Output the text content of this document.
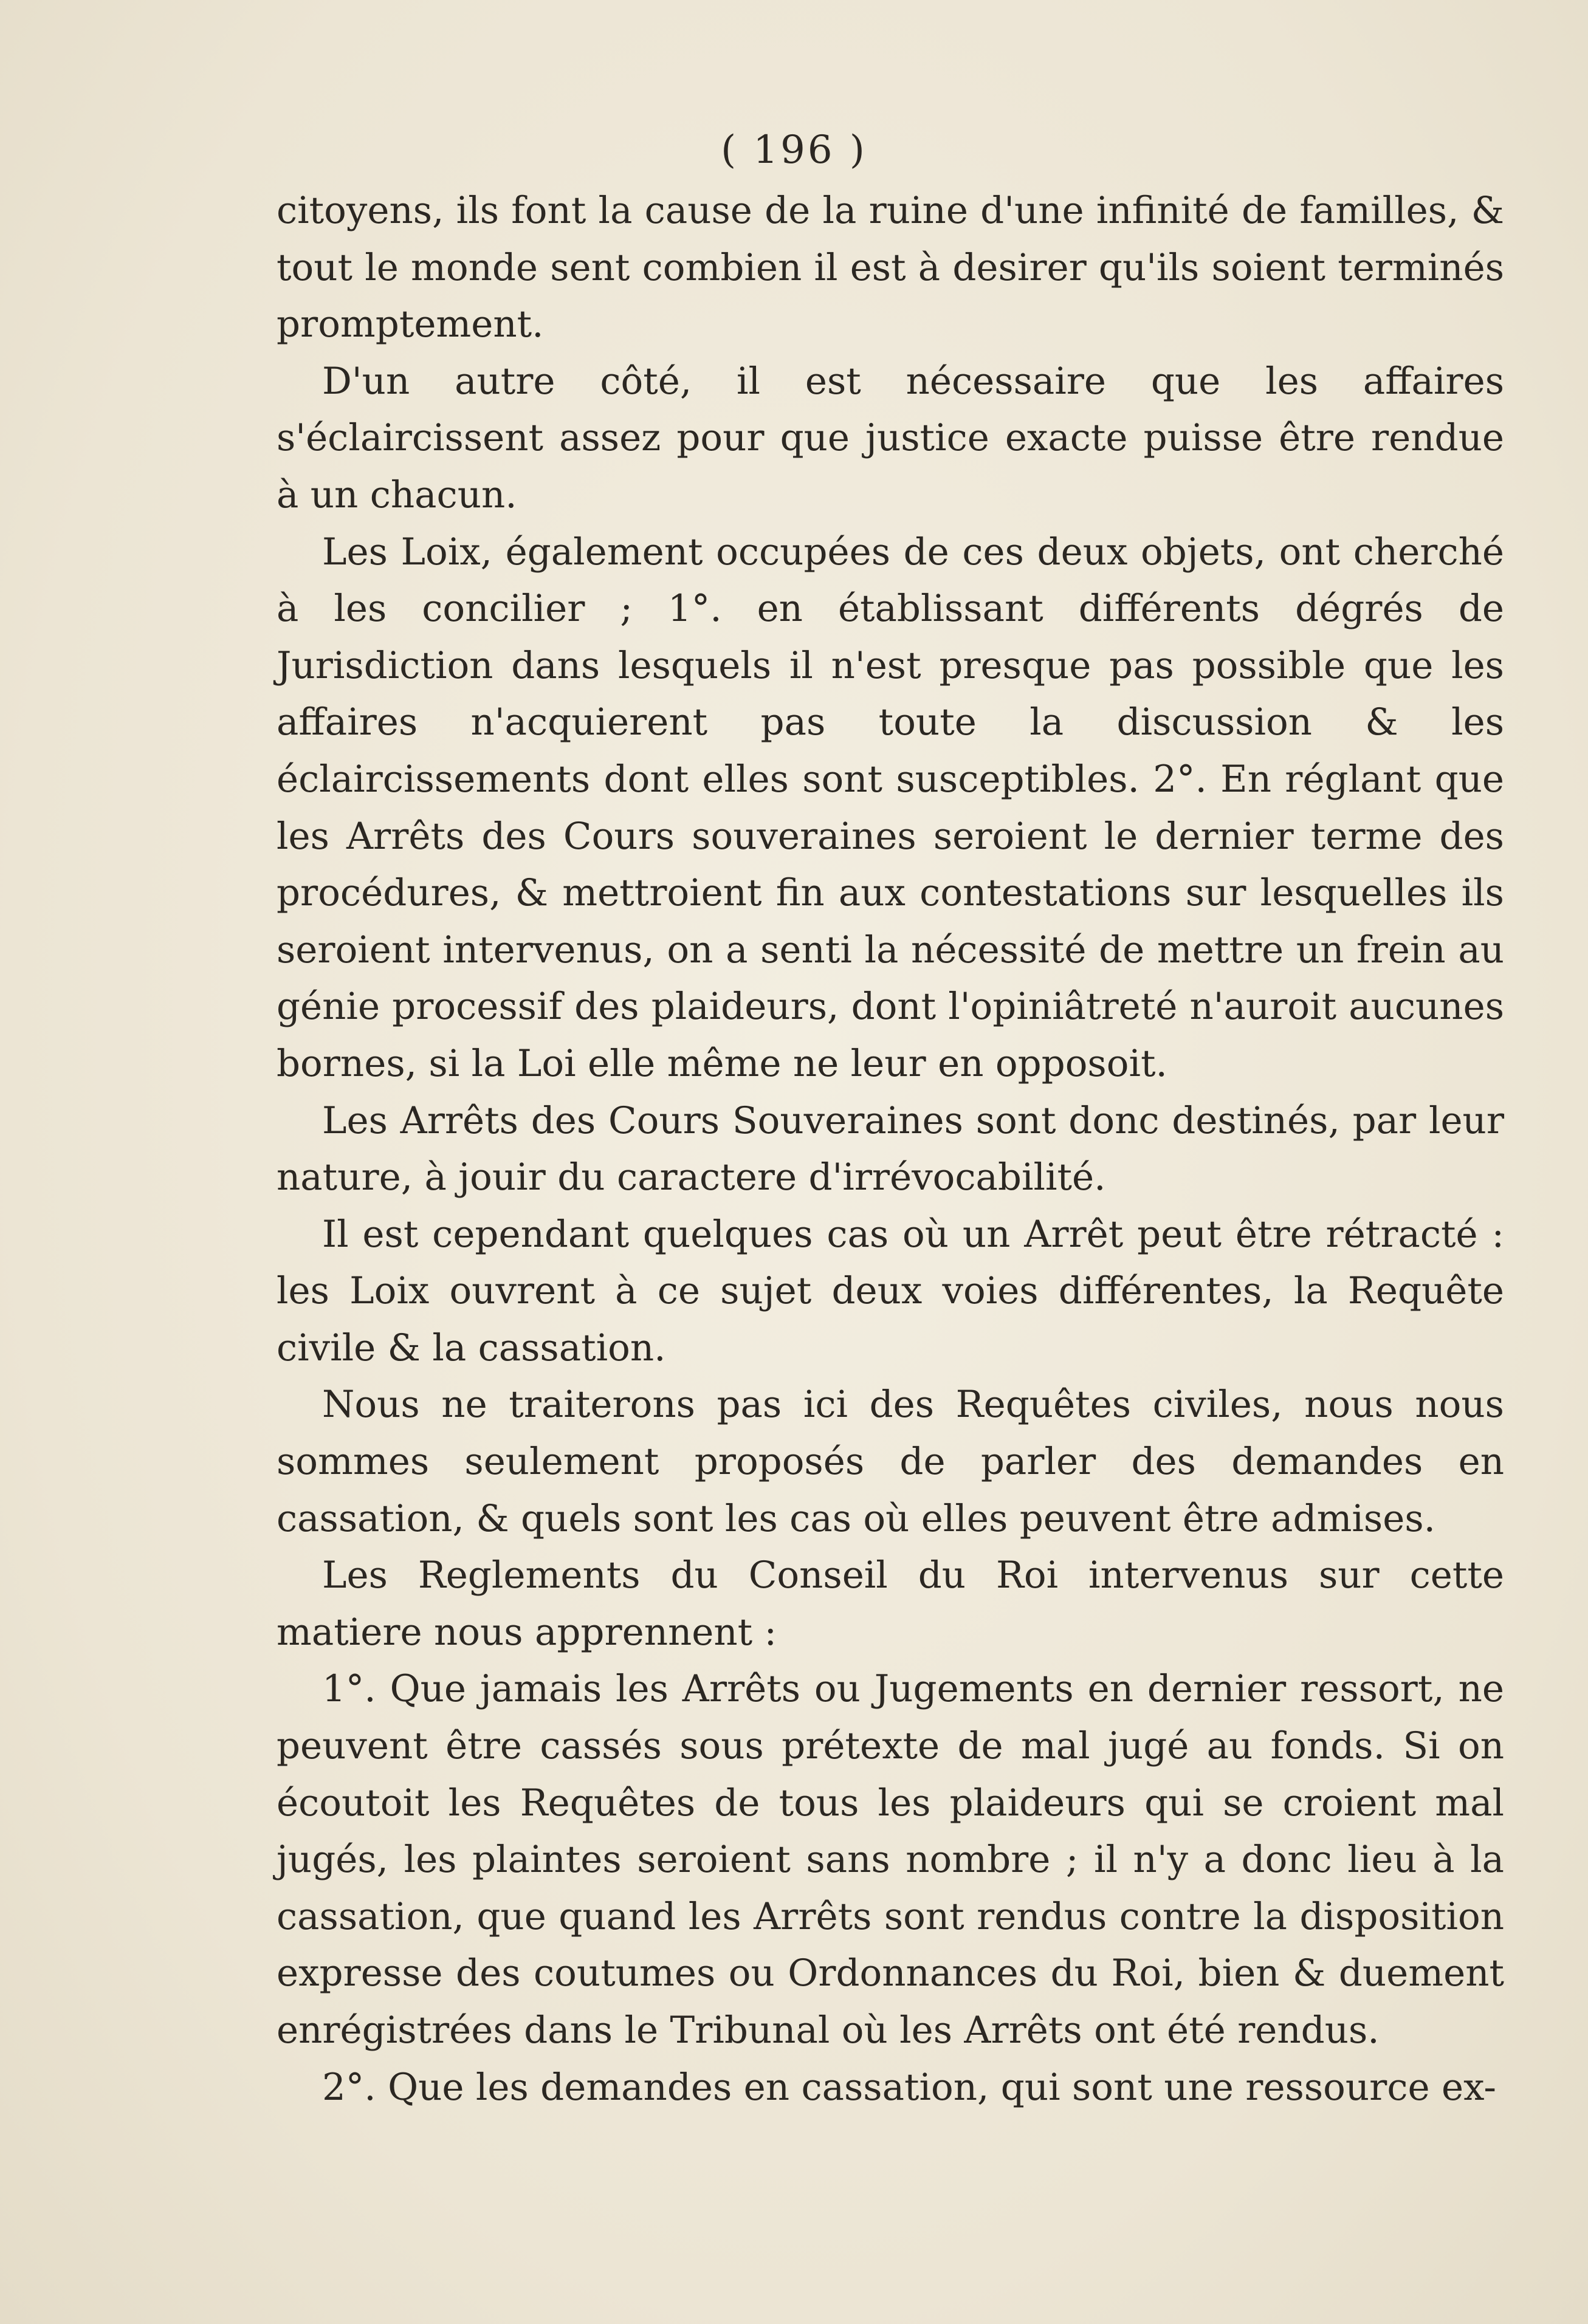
( 196 )

citoyens, ils font la cause de la ruine d'une infinité de familles, & tout le monde sent combien il est à desirer qu'ils soient terminés promptement.

D'un autre côté, il est nécessaire que les affaires s'éclaircissent assez pour que justice exacte puisse être rendue à un chacun.

Les Loix, également occupées de ces deux objets, ont cherché à les concilier ; 1°. en établissant différents dégrés de Jurisdiction dans lesquels il n'est presque pas possible que les affaires n'acquierent pas toute la discussion & les éclaircissements dont elles sont susceptibles. 2°. En réglant que les Arrêts des Cours souveraines seroient le dernier terme des procédures, & mettroient fin aux contestations sur lesquelles ils seroient intervenus, on a senti la nécessité de mettre un frein au génie processif des plaideurs, dont l'opiniâtreté n'auroit aucunes bornes, si la Loi elle même ne leur en opposoit.

Les Arrêts des Cours Souveraines sont donc destinés, par leur nature, à jouir du caractere d'irrévocabilité.

Il est cependant quelques cas où un Arrêt peut être rétracté : les Loix ouvrent à ce sujet deux voies différentes, la Requête civile & la cassation.

Nous ne traiterons pas ici des Requêtes civiles, nous nous sommes seulement proposés de parler des demandes en cassation, & quels sont les cas où elles peuvent être admises.

Les Reglements du Conseil du Roi intervenus sur cette matiere nous apprennent :

1°. Que jamais les Arrêts ou Jugements en dernier ressort, ne peuvent être cassés sous prétexte de mal jugé au fonds. Si on écoutoit les Requêtes de tous les plaideurs qui se croient mal jugés, les plaintes seroient sans nombre ; il n'y a donc lieu à la cassation, que quand les Arrêts sont rendus contre la disposition expresse des coutumes ou Ordonnances du Roi, bien & duement enrégistrées dans le Tribunal où les Arrêts ont été rendus.

2°. Que les demandes en cassation, qui sont une ressource ex-
